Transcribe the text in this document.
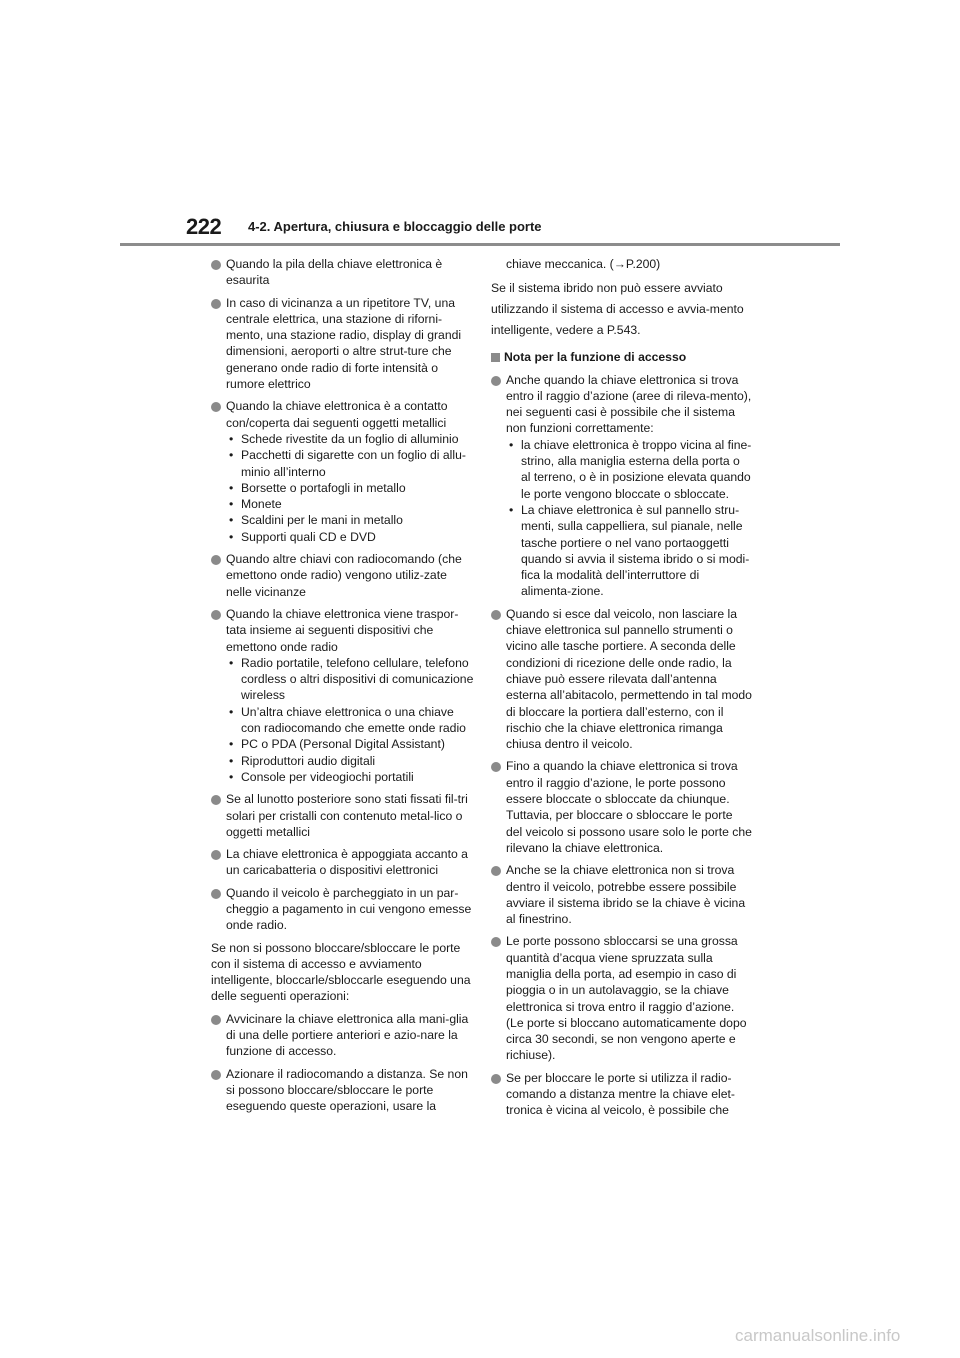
222 4-2. Apertura, chiusura e bloccaggio delle porte
Quando la pila della chiave elettronica è esaurita
In caso di vicinanza a un ripetitore TV, una centrale elettrica, una stazione di riforni-mento, una stazione radio, display di grandi dimensioni, aeroporti o altre strut-ture che generano onde radio di forte intensità o rumore elettrico
Quando la chiave elettronica è a contatto con/coperta dai seguenti oggetti metallici
• Schede rivestite da un foglio di alluminio
• Pacchetti di sigarette con un foglio di allu-minio all’interno
• Borsette o portafogli in metallo
• Monete
• Scaldini per le mani in metallo
• Supporti quali CD e DVD
Quando altre chiavi con radiocomando (che emettono onde radio) vengono utiliz-zate nelle vicinanze
Quando la chiave elettronica viene traspor-tata insieme ai seguenti dispositivi che emettono onde radio
• Radio portatile, telefono cellulare, telefono cordless o altri dispositivi di comunicazione wireless
• Un’altra chiave elettronica o una chiave con radiocomando che emette onde radio
• PC o PDA (Personal Digital Assistant)
• Riproduttori audio digitali
• Console per videogiochi portatili
Se al lunotto posteriore sono stati fissati fil-tri solari per cristalli con contenuto metal-lico o oggetti metallici
La chiave elettronica è appoggiata accanto a un caricabatteria o dispositivi elettronici
Quando il veicolo è parcheggiato in un par-cheggio a pagamento in cui vengono emesse onde radio.

Se non si possono bloccare/sbloccare le porte con il sistema di accesso e avviamento intelligente, bloccarle/sbloccarle eseguendo una delle seguenti operazioni:

Avvicinare la chiave elettronica alla mani-glia di una delle portiere anteriori e azio-nare la funzione di accesso.
Azionare il radiocomando a distanza. Se non si possono bloccare/sbloccare le porte eseguendo queste operazioni, usare la

chiave meccanica. (→P.200)

Se il sistema ibrido non può essere avviato utilizzando il sistema di accesso e avvia-mento intelligente, vedere a P.543.

Nota per la funzione di accesso
Anche quando la chiave elettronica si trova entro il raggio d’azione (aree di rileva-mento), nei seguenti casi è possibile che il sistema non funzioni correttamente:
• la chiave elettronica è troppo vicina al fine-strino, alla maniglia esterna della porta o al terreno, o è in posizione elevata quando le porte vengono bloccate o sbloccate.
• La chiave elettronica è sul pannello stru-menti, sulla cappelliera, sul pianale, nelle tasche portiere o nel vano portaoggetti quando si avvia il sistema ibrido o si modi-fica la modalità dell’interruttore di alimenta-zione.
Quando si esce dal veicolo, non lasciare la chiave elettronica sul pannello strumenti o vicino alle tasche portiere. A seconda delle condizioni di ricezione delle onde radio, la chiave può essere rilevata dall’antenna esterna all’abitacolo, permettendo in tal modo di bloccare la portiera dall’esterno, con il rischio che la chiave elettronica rimanga chiusa dentro il veicolo.
Fino a quando la chiave elettronica si trova entro il raggio d’azione, le porte possono essere bloccate o sbloccate da chiunque. Tuttavia, per bloccare o sbloccare le porte del veicolo si possono usare solo le porte che rilevano la chiave elettronica.
Anche se la chiave elettronica non si trova dentro il veicolo, potrebbe essere possibile avviare il sistema ibrido se la chiave è vicina al finestrino.
Le porte possono sbloccarsi se una grossa quantità d’acqua viene spruzzata sulla maniglia della porta, ad esempio in caso di pioggia o in un autolavaggio, se la chiave elettronica si trova entro il raggio d’azione. (Le porte si bloccano automaticamente dopo circa 30 secondi, se non vengono aperte e richiuse).
Se per bloccare le porte si utilizza il radio-comando a distanza mentre la chiave elet-tronica è vicina al veicolo, è possibile che
carmanualsonline.info
